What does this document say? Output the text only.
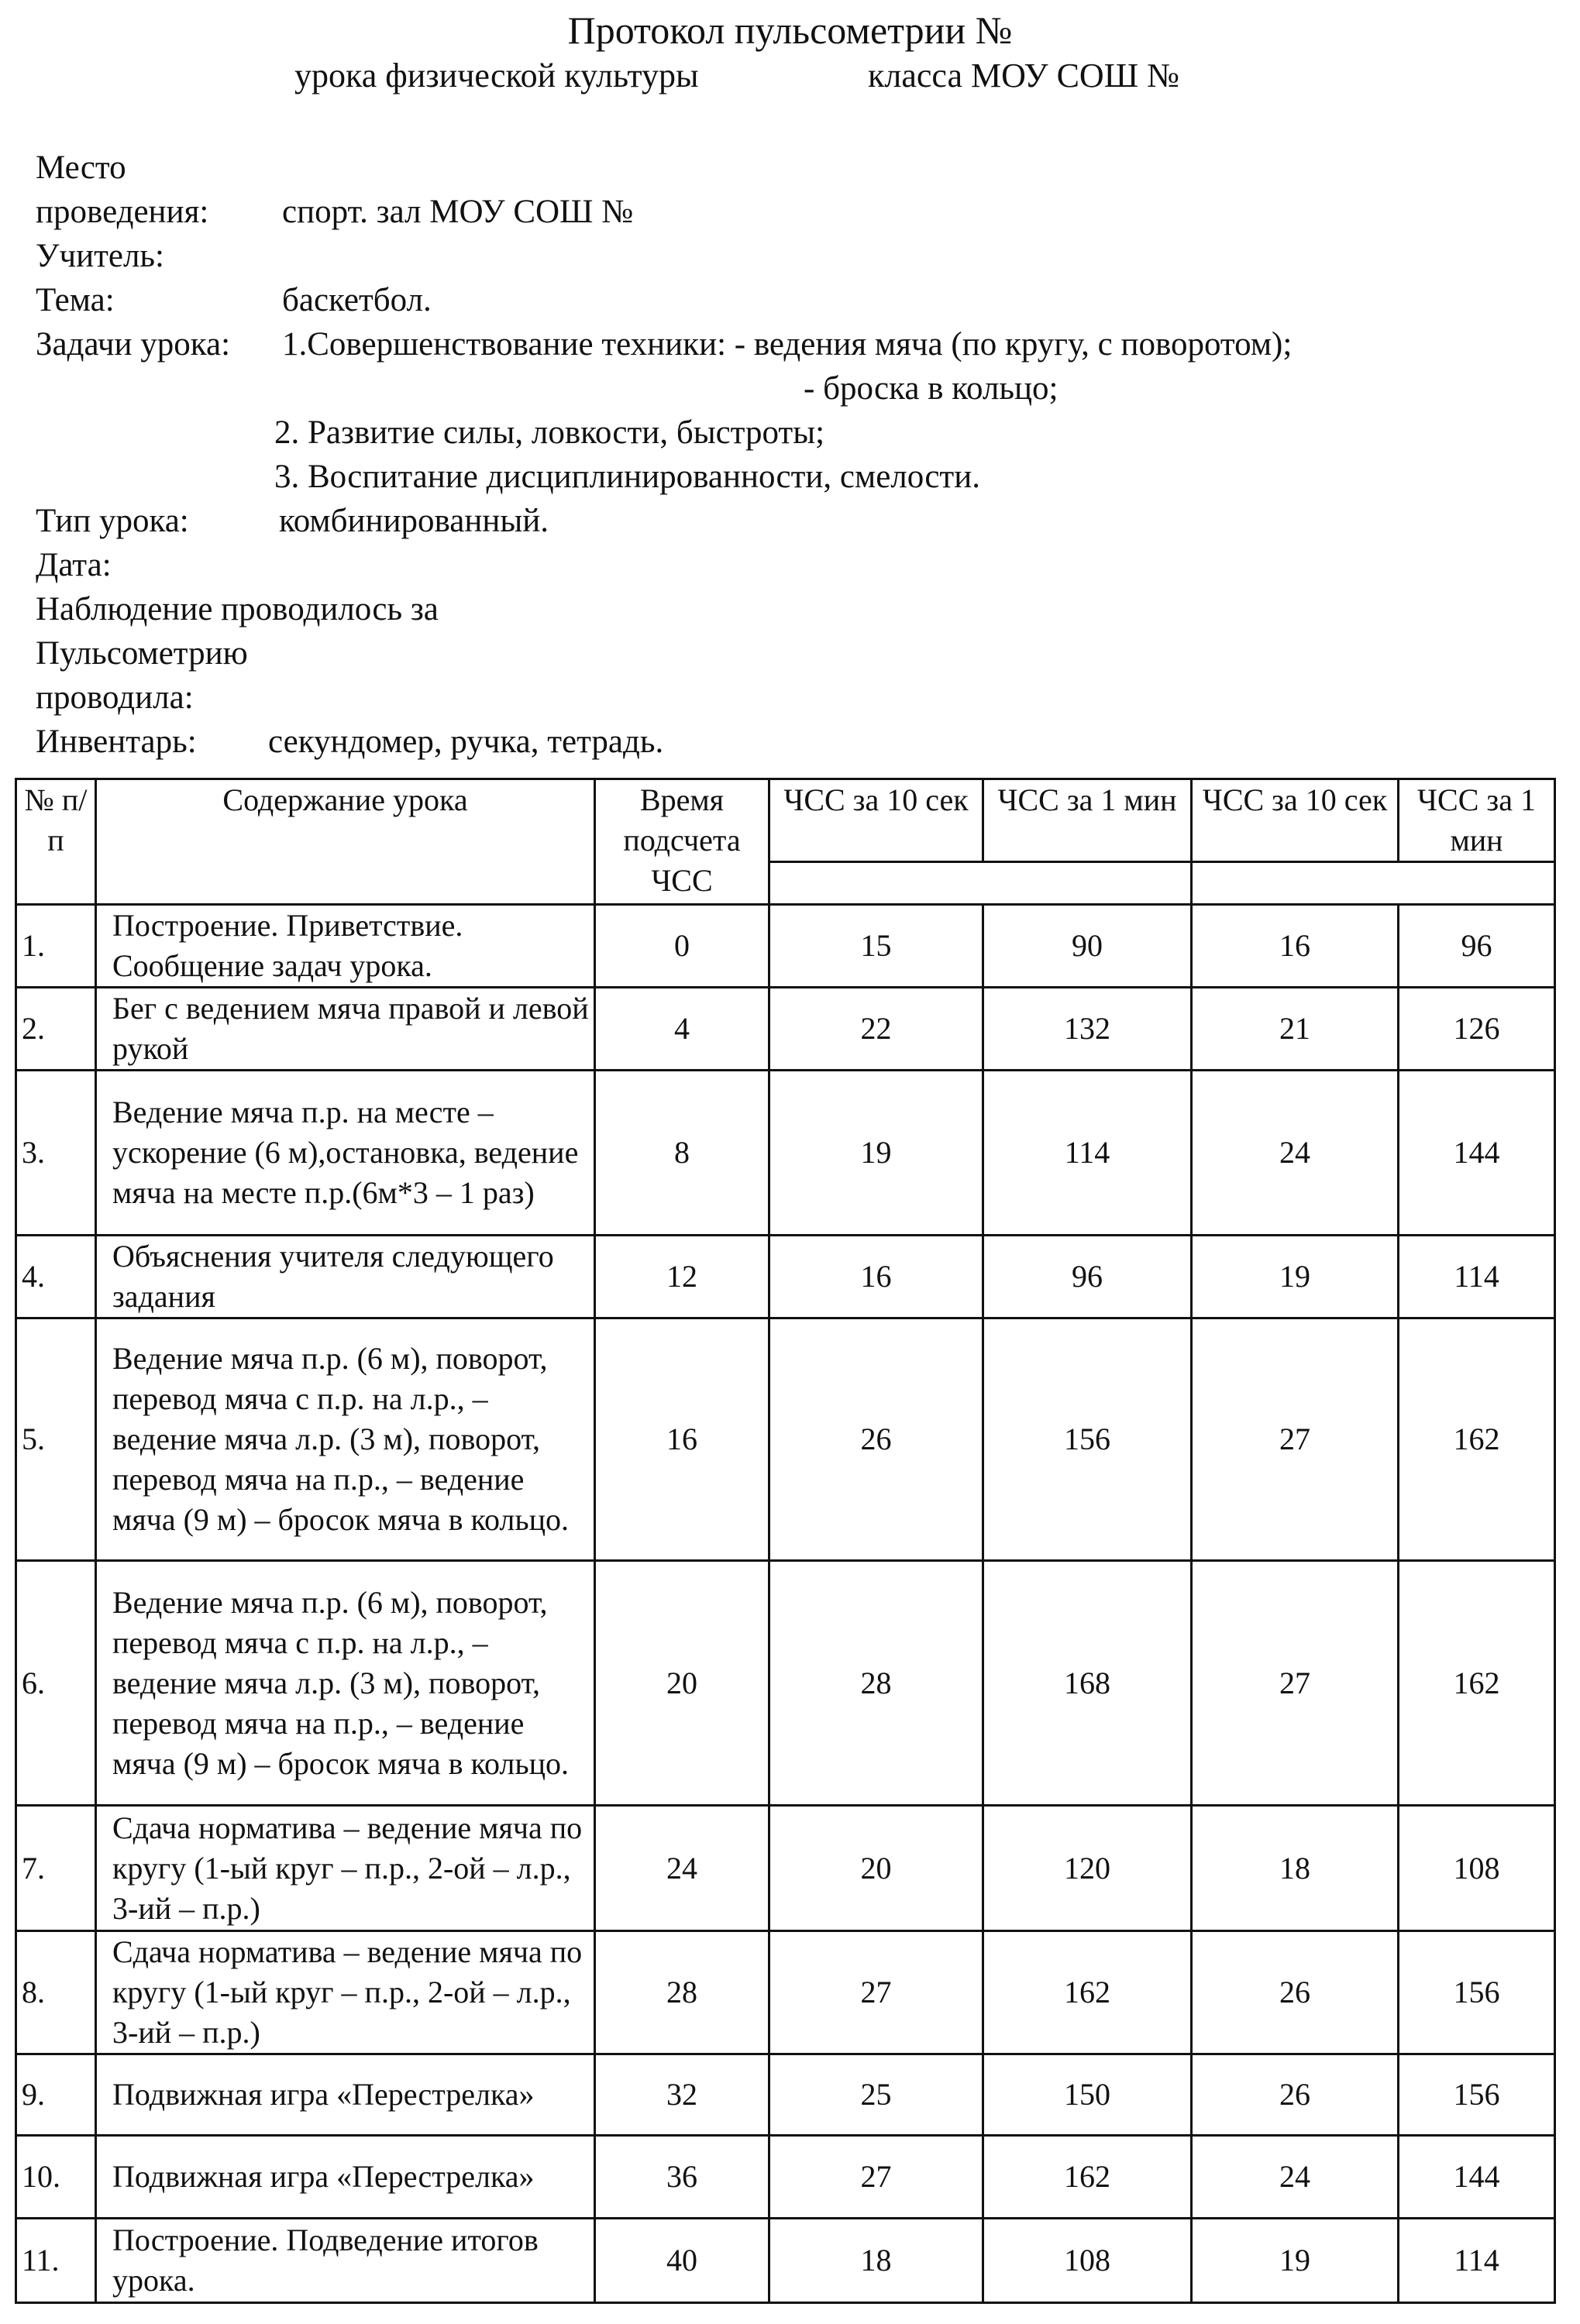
Протокол пульсометрии №
урока физической культуры	класса МОУ СОШ №
Место
проведения: спорт. зал МОУ СОШ №
Учитель:
Тема:	баскетбол.
Задачи урока: 1.Совершенствование техники: - ведения мяча (по кругу, с поворотом);
- броска в кольцо;
2. Развитие силы, ловкости, быстроты;
3. Воспитание дисциплинированности, смелости.
Тип урока:	комбинированный.
Дата:
Наблюдение проводилось за
Пульсометрию
проводила:
Инвентарь: секундомер, ручка, тетрадь.
№ п/п	Содержание урока	Время подсчета ЧСС	ЧСС за 10 сек	ЧСС за 1 мин	ЧСС за 10 сек	ЧСС за 1 мин

1.	Построение. Приветствие. Сообщение задач урока.	0	15	90	16	96
2.	Бег с ведением мяча правой и левой рукой	4	22	132	21	126
3.	Ведение мяча п.р. на месте – ускорение (6 м),остановка, ведение мяча на месте п.р.(6м*3 – 1 раз)	8	19	114	24	144
4.	Объяснения учителя следующего задания	12	16	96	19	114
5.	Ведение мяча п.р. (6 м), поворот, перевод мяча с п.р. на л.р., – ведение мяча л.р. (3 м), поворот, перевод мяча на п.р., – ведение мяча (9 м) – бросок мяча в кольцо.	16	26	156	27	162
6.	Ведение мяча п.р. (6 м), поворот, перевод мяча с п.р. на л.р., – ведение мяча л.р. (3 м), поворот, перевод мяча на п.р., – ведение мяча (9 м) – бросок мяча в кольцо.	20	28	168	27	162
7.	Сдача норматива – ведение мяча по кругу (1-ый круг – п.р., 2-ой – л.р., 3-ий – п.р.)	24	20	120	18	108
8.	Сдача норматива – ведение мяча по кругу (1-ый круг – п.р., 2-ой – л.р., 3-ий – п.р.)	28	27	162	26	156
9.	Подвижная игра «Перестрелка»	32	25	150	26	156
10.	Подвижная игра «Перестрелка»	36	27	162	24	144
11.	Построение. Подведение итогов урока.	40	18	108	19	114
